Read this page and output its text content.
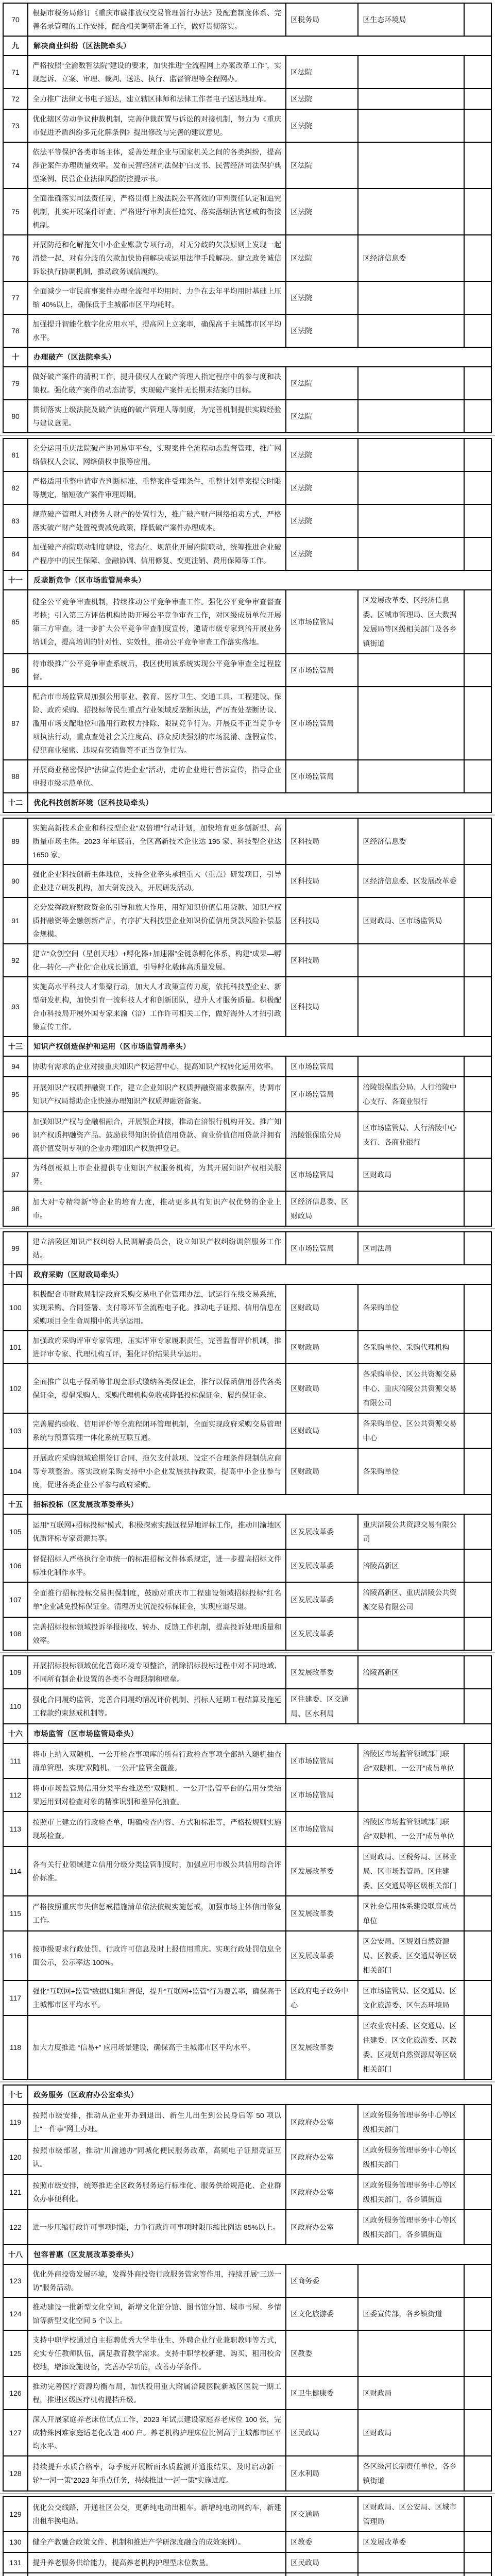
70	根据市税务局修订《重庆市碳排放权交易管理暂行办法》及配套制度体系、完善名录管理的工作安排，配合相关调研准备工作，做好贯彻落实。	区税务局	区生态环境局	
九	解决商业纠纷（区法院牵头）			
71	严格按照“全渝数智法院”建设的要求，加快推进“全流程网上办案改革工作”，实现起诉、立案、审理、裁判、送达、执行、监督管理等全程网办。	区法院		
72	全力推广法律文书电子送达，建立辖区律师和法律工作者电子送达地址库。	区法院		
73	优化辖区劳动争议仲裁机制，完善仲裁前置与诉讼的对接机制，努力为《重庆市促进矛盾纠纷多元化解条例》提出修改与完善的建议意见。	区法院		
74	依法平等保护各类市场主体，妥善处理企业与国家机关之间的各类纠纷，提高涉企案件办理质量效率。发布民营经济司法保护白皮书、民营经济司法保护典型案例、民营企业法律风险防控提示书。	区法院		
75	全面准确落实司法责任制，严格贯彻上级法院公平高效的审判责任认定和追究机制，扎实开展案件评查、严格进行审判责任追究、落实落细法官惩戒的衔接机制。	区法院		
76	开展防范和化解拖欠中小企业账款专项行动，对无分歧的欠款原则上发现一起清偿一起，对有分歧的欠款加快协商解决或运用法律手段解决。建立政务诚信诉讼执行协调机制，推动政务诚信履约。	区法院	区经济信息委	
77	全面减少一审民商事案件办理全流程平均用时，力争在去年平均用时基础上压缩 40%以上，确保低于主城都市区平均耗时。	区法院		
78	加强提升智能化数字化应用水平，提高网上立案率，确保高于主城都市区平均水平。	区法院		
十	办理破产（区法院牵头）			
79	做好破产案件的清积工作，提升债权人在破产管理人指定程序中的参与度和决策权。强化破产案件的动态清零，实现破产案件无长期未结案的目标。	区法院		
80	贯彻落实上级法院及破产法庭的破产管理人等制度，为完善机制提供实践经验与建议意见。	区法院		
81	充分运用重庆法院破产协同易审平台，实现案件全流程动态监督管理，推广网络债权人会议、网络债权申报等应用。	区法院		
82	严格适用重整申请审查判断标准、重整案件受理条件，重整计划草案提交时限等规定，缩短破产案件审理周期。	区法院		
83	规范破产管理人对债务人财产的处置行为，推广破产财产网络拍卖方式，严格落实破产财产处置税费减免政策，降低破产案件办理成本。	区法院		
84	加强破产府院联动制度建设，常态化、规范化开展府院联动，统筹推进企业破产程序中的民生保障、金融协调、信用修复、变更注销、费用保障等工作。	区法院		
十一	反垄断竞争（区市场监管局牵头）			
85	健全公平竞争审查机制，持续推动公平竞争审查工作。强化公平竞争审查督查考核；引入第三方评估机构协助开展公平竞争审查工作，对区级成员单位开展第三方审查。进一步扩大公平竞争审查制度宣传，邀请市级专家到涪开展业务培训会，提高培训的针对性、实效性，推动公平竞争审查工作落实落地。	区市场监管局	区发展改革委、区经济信息委、区城市管理局、区大数据发展局等区级相关部门及各乡镇街道	
86	待市级推广公平竞争审查系统后，我区使用该系统实现公平竞争审查全过程监督。	区市场监管局		
87	配合市市场监管局加强公用事业、教育、医疗卫生、交通工具、工程建设、保险、政府采购、招投标等民生重点行业领域反垄断执法，严厉查处垄断协议、滥用市场支配地位和滥用行政权力排除、限制竞争行为。开展反不正当竞争专项执法行动，重点查处社会关注度高、群众反映强烈的市场混淆、虚假宣传、侵犯商业秘密、违规有奖销售等不正当竞争行为。	区市场监管局		
88	开展商业秘密保护“法律宣传进企业”活动，走访企业进行普法宣传，指导企业申报市级示范单位。	区市场监管局		
十二	优化科技创新环境（区科技局牵头）			
89	实施高新技术企业和科技型企业“双倍增”行动计划，加快培育更多创新型、高质量市场主体。2023 年年底前，全区高新技术企业达 195 家、科技型企业达 1650 家。	区科技局	区经济信息委	
90	强化企业科技创新主体地位，支持企业牵头承担重大（重点）研发项目，引导企业建立研发机构，加大研发投入，开展研发活动。	区科技局	区经济信息委、区发展改革委	
91	充分发挥政府财政资金的引导和放大作用，用好知识价值信用贷款、知识产权质押融资等金融创新产品，有序扩大科技型企业知识价值信用贷款风险补偿基金规模。	区科技局	区财政局、区市场监管局	
92	建立“众创空间（星创天地）+孵化器+加速器”全链条孵化体系，构建“成果—孵化—转化—产业化”企业成长通道，引导孵化载体高质量发展。	区科技局		
93	实施高水平科技人才集聚行动，加大人才政策宣传力度，依托科技型企业、新型研发机构，加快引育一流科技人才和创新团队，提升人才服务质量。积极配合市科技局开展外国专家来渝（涪）工作许可相关工作，做好海外人才招引政策宣传工作。	区科技局		
十三	知识产权创造保护和运用（区市场监管局牵头）			
94	协助有需求的企业对接重庆知识产权运营中心，提高知识产权转化运用效率。	区市场监管局		
95	开展知识产权质押融资工作，建立企业知识产权质押融资需求数据库，协调市知识产权局帮助企业快速办理知识产权质押融资备案。	区市场监管局	涪陵银保监分局、人行涪陵中心支行、各商业银行	
96	加强知识产权与金融相融合，开展银企对接，推动在涪银行机构开发、推广知识产权质押融资产品。鼓励获得知识价值信用贷款、商业价值信用贷款并拥有高价值发明专利的企业办理知识产权质押登记。	涪陵银保监分局	区市场监管局、人行涪陵中心支行、各商业银行	
97	为科创板拟上市企业提供专业知识产权服务机构，为其开展知识产权相关服务。	区市场监管局	区财政局	
98	加大对“专精特新”等企业的培育力度，推动更多具有知识产权优势的企业上市。	区经济信息委、区财政局		
99	建立涪陵区知识产权纠纷人民调解委员会，设立知识产权纠纷调解服务工作站。	区市场监管局	区司法局	
十四	政府采购（区财政局牵头）			
100	积极配合市财政局制定政府采购交易电子化管理办法，试运行在线交易系统，实现采购、合同签署、支付等环节全流程电子化。推动电子证照、信用信息在采购项目全生命周期中的共享运用。	区财政局	各采购单位	
101	加强政府采购评审专家管理，压实评审专家履职责任，完善监督评价机制，推进评审专家、代理机构互评，强化评价结果共享运用。	区财政局	各采购单位、采购代理机构	
102	全面推广以电子保函等非现金形式缴纳各类保证金，推行以保函信用替代各类保证金，提倡采购人、采购代理机构免收或降低投标保证金、履约保证金。	区财政局	各采购单位、区公共资源交易中心、重庆涪陵公共资源交易有限公司	
103	完善履约验收、信用评价等全流程闭环管理机制，全面实现政府采购交易管理系统与预算管理一体化系统互联互通。	区财政局	各采购单位、区公共资源交易中心	
104	开展政府采购领域逾期签订合同、拖欠支付款项、设定不合理条件限制供应商等专项整治。落实政府采购支持中小企业发展扶持政策，提高中小企业参与度，促进各类企业公平参与政府采购。	区财政局	各采购单位	
十五	招标投标（区发展改革委牵头）			
105	运用“互联网+招标投标”模式，积极探索实践远程异地评标工作，推动川渝地区优质评标专家资源共享。	区发展改革委	重庆涪陵公共资源交易有限公司	
106	督促招标人严格执行全市统一的标准招标文件体系规定，进一步提高招标文件标准化制作水平。	区发展改革委	涪陵高新区	
107	全面推行招标投标交易担保制度，鼓励对重庆市工程建设领域招标投标“红名单”企业减免投标保证金。清理历史沉淀投标保证金，实现应退尽退。	区发展改革委	涪陵高新区、重庆涪陵公共资源交易有限公司	
108	完善招标投标领域投诉举报接收、转办、反馈工作机制，提高投诉处理质量和效率。	区发展改革委		
109	开展招标投标领域优化营商环境专项整治，消除招标投标过程中对不同地域、不同所有制企业设置的各类不合理限制和壁垒。	区发展改革委	涪陵高新区	
110	强化合同履约监管，完善合同履约情况评价机制、招标人延期工程结算及拖延工程款约束惩戒机制等。	区住建委、区交通局、区水利局		
十六	市场监管（区市场监管局牵头）			
111	将市上纳入双随机、一公开检查事项库的所有行政检查事项全部纳入随机抽查清单管理，实现“双随机、一公开”监管全覆盖。	区市场监管局	涪陵区市场监管领域部门联合“双随机、一公开”成员单位	
112	将市市场监管局信用分类平台推送至“双随机、一公开”监管平台的信用分类结果运用到对检查对象的精准识别和差异化抽查。	区市场监管局		
113	按照市上建立的行政检查单，明确检查内容、方式和标准等，严格按规则实施现场检查。	区市场监管局	涪陵区市场监管领域部门联合“双随机、一公开”成员单位	
114	各有关行业领域建立信用分级分类监管制度时，加强应用市级公共信用综合评价标准。	区发展改革委	区财政局、区税务局、区林业局、区市场监管局、区住建委、区交通局等区级相关部门	
115	严格按照重庆市失信惩戒措施清单依法依规实施惩戒，加强市场主体信用修复工作。	区发展改革委	区社会信用体系建设联席成员单位	
116	按市级要求行政处罚、行政许可信息及时上报信用重庆。实现行政处罚信息全面公示，公示率达 100%。	区发展改革委	区公安局、区规划自然资源局、区教委、区交通局等区级相关部门	
117	强化“互联网+监管”数据归集和督促，提升“互联网+监管”行为覆盖率，确保高于主城都市区平均水平。	区政府电子政务中心	区市场监管局、区交通局、区文化旅游委、区生态环境局	
118	加大力度推进 “信易+” 应用场景建设，确保高于主城都市区平均水平。	区发展改革委	区农业农村委、区交通局、区住建委、区文化旅游委、区教委、区规划自然资源局等区级相关部门	
十七	政务服务（区政府办公室牵头）			
119	按照市级安排，推动从企业开办到退出、新生儿出生到公民身后等 50 项以上“一件事”网上办理。	区政府办公室	区政务服务管理事务中心等区级相关部门	
120	按照市级部署，推动“川渝通办”同城化便民服务改革，高频电子证照亮证互认。	区政府办公室	区政务服务管理事务中心等区级相关部门	
121	按照市级安排，统筹推进全区政务服务运行标准化、服务供给规范化、企业群众办事便利化。	区政府办公室	区政务服务管理事务中心等区级相关部门，各乡镇街道	
122	进一步压缩行政许可事项时限，力争行政许可事项时限压缩比例达 85%以上。	区政府办公室	区政务服务管理事务中心等区级相关部门，各乡镇街道	
十八	包容普惠（区发展改革委牵头）			
123	优化外商投资发展环境，发挥外商投资行政服务管家等作用，持续开展“三送一访”服务活动。	区商务委		
124	推动建设一批新型文化空间，新增文化馆分馆、图书馆分馆、城市书屋、乡情馆等新型文化空间 5 个以上。	区文化旅游委	区委宣传部，各乡镇街道	
125	支持中职学校通过自主招聘优秀大学毕业生、外聘企业行业兼职教师等方式，充实专任教师队伍，满足教育教学需求。支持中职学校新建、购买、租用校舍校地，增添设施设备，完善办学功能，改善办学条件。	区教委		
126	推动完善医疗资源均衡布局，加快投用重大附属涪陵医院新城区医院一期工程，推进区级医疗机构提档升级。	区卫生健康委	区财政局	
127	深入开展家庭养老床位试点工作，2023 年试点建设家庭养老床位 100 张，完成特殊困难家庭适老化改造 400 户。养老机构护理床位比例高于主城都市区平均水平。	区民政局	区财政局	
128	持续提升水质合格率，每季度开展断面水质监测并通报结果。及时启动新一轮“一河一策”2023 年重点任务，持续推进“一河一策”实施进度。	区水利局	各区级河长制责任单位，各乡镇街道	
129	优化公交线路，开通社区公交，更新纯电动出租车。新增纯电动网约车，新建出租车换电站。	区交通局	区财政局、区公安局、区城市管理局	
130	健全产教融合政策文件、机制和推进产学研深度融合的成效案例）。	区教委	区发展改革委	
131	提升养老服务供给能力，提高养老机构护理型床位数量。	区民政局		
